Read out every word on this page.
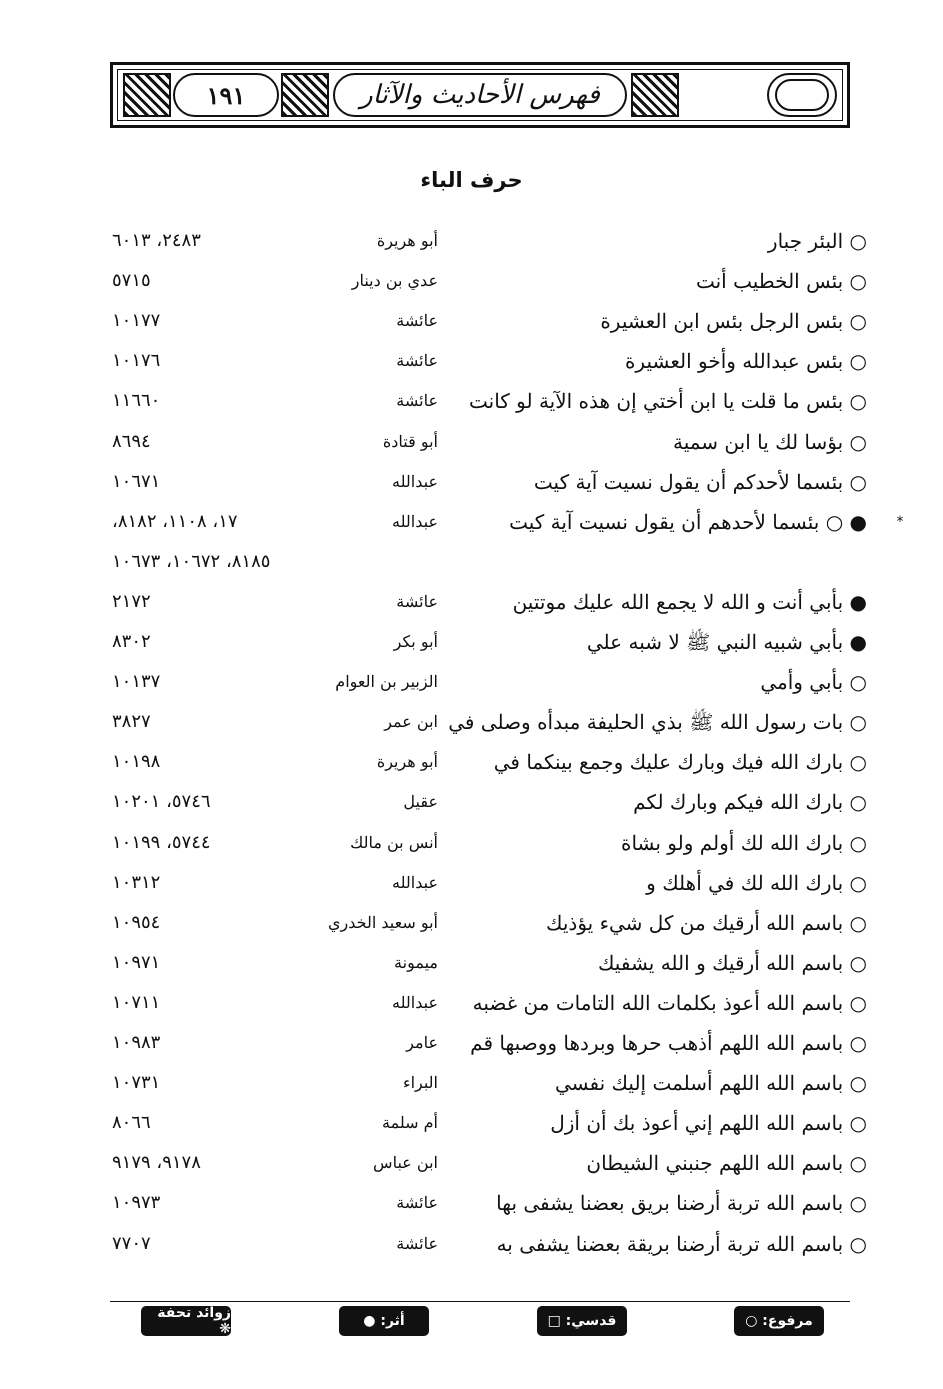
١٩١	فهرس الأحاديث والآثار
حرف الباء
○ البئر جبار
أبو هريرة
٢٤٨٣، ٦٠١٣
○ بئس الخطيب أنت
عدي بن دينار
٥٧١٥
○ بئس الرجل بئس ابن العشيرة
عائشة
١٠١٧٧
○ بئس عبدالله وأخو العشيرة
عائشة
١٠١٧٦
○ بئس ما قلت يا ابن أختي إن هذه الآية لو كانت
عائشة
١١٦٦٠
○ بؤسا لك يا ابن سمية
أبو قتادة
٨٦٩٤
○ بئسما لأحدكم أن يقول نسيت آية كيت
عبدالله
١٠٦٧١
*
● ○ بئسما لأحدهم أن يقول نسيت آية كيت
عبدالله
١٧، ١١٠٨، ٨١٨٢،
٨١٨٥، ١٠٦٧٢، ١٠٦٧٣
● بأبي أنت و الله لا يجمع الله عليك موتتين
عائشة
٢١٧٢
● بأبي شبيه النبي ﷺ لا شبه علي
أبو بكر
٨٣٠٢
○ بأبي وأمي
الزبير بن العوام
١٠١٣٧
○ بات رسول الله ﷺ بذي الحليفة مبدأه وصلى في
ابن عمر
٣٨٢٧
○ بارك الله فيك وبارك عليك وجمع بينكما في
أبو هريرة
١٠١٩٨
○ بارك الله فيكم وبارك لكم
عقيل
٥٧٤٦، ١٠٢٠١
○ بارك الله لك أولم ولو بشاة
أنس بن مالك
٥٧٤٤، ١٠١٩٩
○ بارك الله لك في أهلك و
عبدالله
١٠٣١٢
○ باسم الله أرقيك من كل شيء يؤذيك
أبو سعيد الخدري
١٠٩٥٤
○ باسم الله أرقيك و الله يشفيك
ميمونة
١٠٩٧١
○ باسم الله أعوذ بكلمات الله التامات من غضبه
عبدالله
١٠٧١١
○ باسم الله اللهم أذهب حرها وبردها ووصبها قم
عامر
١٠٩٨٣
○ باسم الله اللهم أسلمت إليك نفسي
البراء
١٠٧٣١
○ باسم الله اللهم إني أعوذ بك أن أزل
أم سلمة
٨٠٦٦
○ باسم الله اللهم جنبني الشيطان
ابن عباس
٩١٧٨، ٩١٧٩
○ باسم الله تربة أرضنا بريق بعضنا يشفى بها
عائشة
١٠٩٧٣
○ باسم الله تربة أرضنا بريقة بعضنا يشفى به
عائشة
٧٧٠٧
مرفوع: ○
قدسي: □
أثر: ●
زوائد تحفة ❋
